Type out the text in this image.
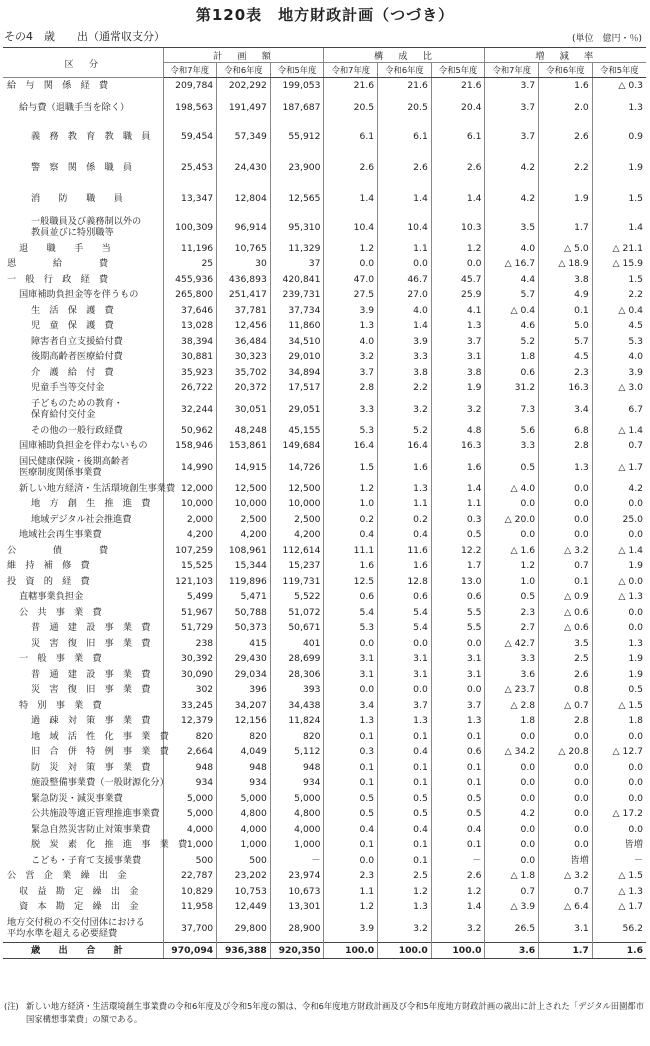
第120表　地方財政計画（つづき）
その4　歳　　出（通常収支分）	(単位　億円・％)
区　分	計　画　額			構　成　比			増　減　率		
	令和7年度	令和6年度	令和5年度	令和7年度	令和6年度	令和5年度	令和7年度	令和6年度	令和5年度

給　与　関　係　経　費	209,784	202,292	199,053	21.6	21.6	21.6	3.7	1.6	△ 0.3

給与費（退職手当を除く）	198,563	191,497	187,687	20.5	20.5	20.4	3.7	2.0	1.3

義　務　教　育　教　職　員	59,454	57,349	55,912	6.1	6.1	6.1	3.7	2.6	0.9

警　察　関　係　職　員	25,453	24,430	23,900	2.6	2.6	2.6	4.2	2.2	1.9

消　　防　　職　　員	13,347	12,804	12,565	1.4	1.4	1.4	4.2	1.9	1.5

一般職員及び義務制以外の
教員並びに特別職等	100,309	96,914	95,310	10.4	10.4	10.3	3.5	1.7	1.4

退　　職　　手　　当	11,196	10,765	11,329	1.2	1.1	1.2	4.0	△ 5.0	△ 21.1

恩　　　　給　　　　費	25	30	37	0.0	0.0	0.0	△ 16.7	△ 18.9	△ 15.9

一　般　行　政　経　費	455,936	436,893	420,841	47.0	46.7	45.7	4.4	3.8	1.5

国庫補助負担金等を伴うもの	265,800	251,417	239,731	27.5	27.0	25.9	5.7	4.9	2.2

生　活　保　護　費	37,646	37,781	37,734	3.9	4.0	4.1	△ 0.4	0.1	△ 0.4

児　童　保　護　費	13,028	12,456	11,860	1.3	1.4	1.3	4.6	5.0	4.5

障害者自立支援給付費	38,394	36,484	34,510	4.0	3.9	3.7	5.2	5.7	5.3

後期高齢者医療給付費	30,881	30,323	29,010	3.2	3.3	3.1	1.8	4.5	4.0

介　護　給　付　費	35,923	35,702	34,894	3.7	3.8	3.8	0.6	2.3	3.9

児童手当等交付金	26,722	20,372	17,517	2.8	2.2	1.9	31.2	16.3	△ 3.0

子どものための教育・
保育給付交付金	32,244	30,051	29,051	3.3	3.2	3.2	7.3	3.4	6.7

その他の一般行政経費	50,962	48,248	45,155	5.3	5.2	4.8	5.6	6.8	△ 1.4

国庫補助負担金を伴わないもの	158,946	153,861	149,684	16.4	16.4	16.3	3.3	2.8	0.7

国民健康保険・後期高齢者
医療制度関係事業費	14,990	14,915	14,726	1.5	1.6	1.6	0.5	1.3	△ 1.7

新しい地方経済・生活環境創生事業費	12,000	12,500	12,500	1.2	1.3	1.4	△ 4.0	0.0	4.2

地　方　創　生　推　進　費	10,000	10,000	10,000	1.0	1.1	1.1	0.0	0.0	0.0

地域デジタル社会推進費	2,000	2,500	2,500	0.2	0.2	0.3	△ 20.0	0.0	25.0

地域社会再生事業費	4,200	4,200	4,200	0.4	0.4	0.5	0.0	0.0	0.0

公　　　　債　　　　費	107,259	108,961	112,614	11.1	11.6	12.2	△ 1.6	△ 3.2	△ 1.4

維　持　補　修　費	15,525	15,344	15,237	1.6	1.6	1.7	1.2	0.7	1.9

投　資　的　経　費	121,103	119,896	119,731	12.5	12.8	13.0	1.0	0.1	△ 0.0

直轄事業負担金	5,499	5,471	5,522	0.6	0.6	0.6	0.5	△ 0.9	△ 1.3

公　共　事　業　費	51,967	50,788	51,072	5.4	5.4	5.5	2.3	△ 0.6	0.0

普　通　建　設　事　業　費	51,729	50,373	50,671	5.3	5.4	5.5	2.7	△ 0.6	0.0

災　害　復　旧　事　業　費	238	415	401	0.0	0.0	0.0	△ 42.7	3.5	1.3

一　般　事　業　費	30,392	29,430	28,699	3.1	3.1	3.1	3.3	2.5	1.9

普　通　建　設　事　業　費	30,090	29,034	28,306	3.1	3.1	3.1	3.6	2.6	1.9

災　害　復　旧　事　業　費	302	396	393	0.0	0.0	0.0	△ 23.7	0.8	0.5

特　別　事　業　費	33,245	34,207	34,438	3.4	3.7	3.7	△ 2.8	△ 0.7	△ 1.5

過　疎　対　策　事　業　費	12,379	12,156	11,824	1.3	1.3	1.3	1.8	2.8	1.8

地　域　活　性　化　事　業　費	820	820	820	0.1	0.1	0.1	0.0	0.0	0.0

旧　合　併　特　例　事　業　費	2,664	4,049	5,112	0.3	0.4	0.6	△ 34.2	△ 20.8	△ 12.7

防　災　対　策　事　業　費	948	948	948	0.1	0.1	0.1	0.0	0.0	0.0

施設整備事業費（一般財源化分）	934	934	934	0.1	0.1	0.1	0.0	0.0	0.0

緊急防災・減災事業費	5,000	5,000	5,000	0.5	0.5	0.5	0.0	0.0	0.0

公共施設等適正管理推進事業費	5,000	4,800	4,800	0.5	0.5	0.5	4.2	0.0	△ 17.2

緊急自然災害防止対策事業費	4,000	4,000	4,000	0.4	0.4	0.4	0.0	0.0	0.0

脱　炭　素　化　推　進　事　業　費	1,000	1,000	1,000	0.1	0.1	0.1	0.0	0.0	皆増

こども・子育て支援事業費	500	500	－	0.0	0.1	－	0.0	皆増	－

公　営　企　業　繰　出　金	22,787	23,202	23,974	2.3	2.5	2.6	△ 1.8	△ 3.2	△ 1.5

収　益　勘　定　繰　出　金	10,829	10,753	10,673	1.1	1.2	1.2	0.7	0.7	△ 1.3

資　本　勘　定　繰　出　金	11,958	12,449	13,301	1.2	1.3	1.4	△ 3.9	△ 6.4	△ 1.7

地方交付税の不交付団体における
平均水準を超える必要経費	37,700	29,800	28,900	3.9	3.2	3.2	26.5	3.1	56.2

歳　　出　　合　　計	970,094	936,388	920,350	100.0	100.0	100.0	3.6	1.7	1.6
(注) 新しい地方経済・生活環境創生事業費の令和6年度及び令和5年度の額は、令和6年度地方財政計画及び令和5年度地方財政計画の歳出に計上された「デジタル田園都市国家構想事業費」の額である。
